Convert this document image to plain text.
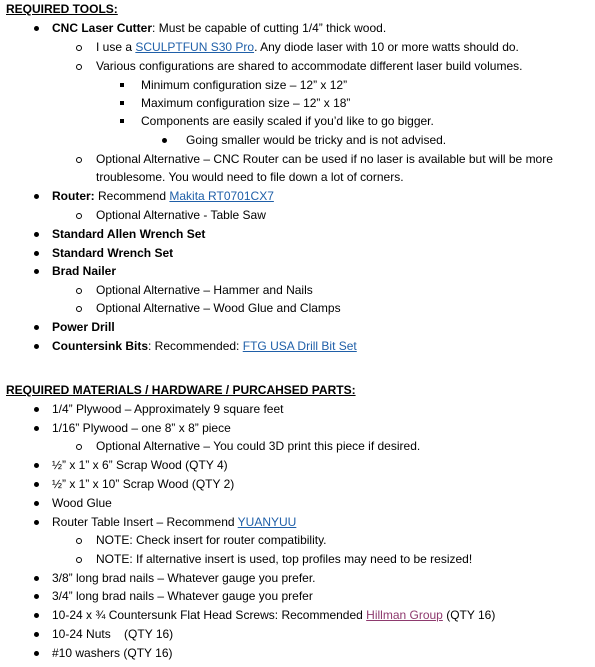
REQUIRED TOOLS:
CNC Laser Cutter: Must be capable of cutting 1/4” thick wood.
I use a SCULPTFUN S30 Pro. Any diode laser with 10 or more watts should do.
Various configurations are shared to accommodate different laser build volumes.
Minimum configuration size – 12” x 12”
Maximum configuration size – 12” x 18”
Components are easily scaled if you’d like to go bigger.
Going smaller would be tricky and is not advised.
Optional Alternative – CNC Router can be used if no laser is available but will be more
troublesome. You would need to file down a lot of corners.
Router: Recommend Makita RT0701CX7
Optional Alternative - Table Saw
Standard Allen Wrench Set
Standard Wrench Set
Brad Nailer
Optional Alternative – Hammer and Nails
Optional Alternative – Wood Glue and Clamps
Power Drill
Countersink Bits: Recommended: FTG USA Drill Bit Set
REQUIRED MATERIALS / HARDWARE / PURCAHSED PARTS:
1/4” Plywood – Approximately 9 square feet
1/16” Plywood – one 8” x 8” piece
Optional Alternative – You could 3D print this piece if desired.
½” x 1” x 6” Scrap Wood (QTY 4)
½” x 1” x 10” Scrap Wood (QTY 2)
Wood Glue
Router Table Insert – Recommend YUANYUU
NOTE: Check insert for router compatibility.
NOTE: If alternative insert is used, top profiles may need to be resized!
3/8” long brad nails – Whatever gauge you prefer.
3/4” long brad nails – Whatever gauge you prefer
10-24 x ¾ Countersunk Flat Head Screws: Recommended Hillman Group (QTY 16)
10-24 Nuts    (QTY 16)
#10 washers (QTY 16)
